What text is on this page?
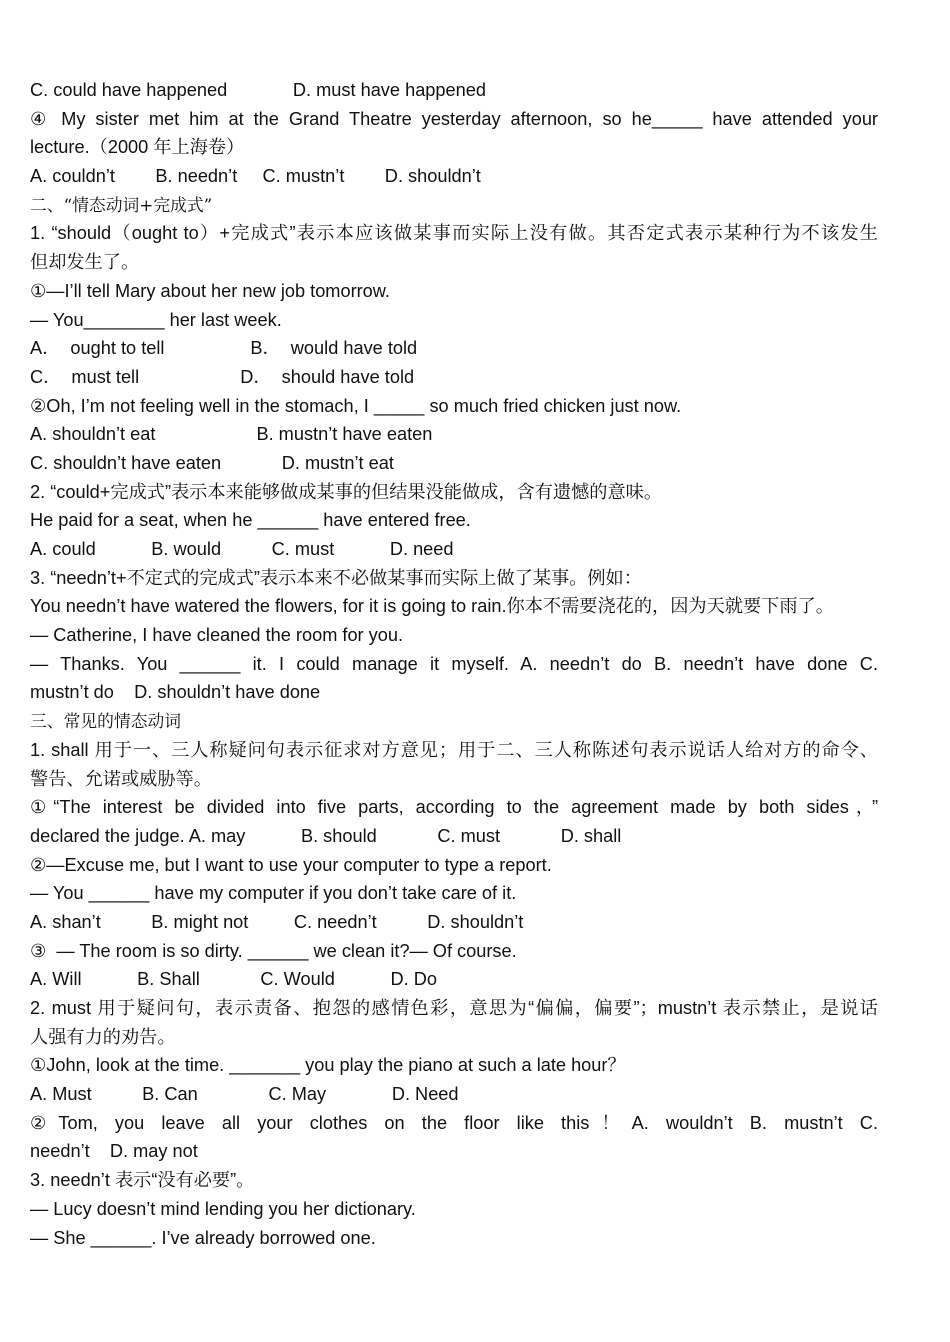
C. could have happened             D. must have happened
④ My sister met him at the Grand Theatre yesterday afternoon, so he_____ have attended your
lecture.（2000 年上海卷）
A. couldn’t        B. needn’t     C. mustn’t        D. shouldn’t
二、“情态动词+完成式”
1. “should（ought to）+完成式”表示本应该做某事而实际上没有做。其否定式表示某种行为不该发生
但却发生了。
①—I’ll tell Mary about her new job tomorrow.
— You________ her last week.
A．  ought to tell                 B．  would have told
C．  must tell                    D．  should have told
②Oh, I’m not feeling well in the stomach, I _____ so much fried chicken just now.
A. shouldn’t eat                    B. mustn’t have eaten
C. shouldn’t have eaten            D. mustn’t eat
2. “could+完成式”表示本来能够做成某事的但结果没能做成，含有遗憾的意味。
He paid for a seat, when he ______ have entered free.
A. could           B. would          C. must           D. need
3. “needn’t+不定式的完成式”表示本来不必做某事而实际上做了某事。例如：
You needn’t have watered the flowers, for it is going to rain.你本不需要浇花的，因为天就要下雨了。
— Catherine, I have cleaned the room for you.
— Thanks. You ______ it. I could manage it myself. A. needn’t do B. needn’t have done C.
mustn’t do    D. shouldn’t have done
三、常见的情态动词
1. shall 用于一、三人称疑问句表示征求对方意见；用于二、三人称陈述句表示说话人给对方的命令、
警告、允诺或威胁等。
①“The interest be divided into five parts, according to the agreement made by both sides，”
declared the judge. A. may           B. should            C. must            D. shall
②—Excuse me, but I want to use your computer to type a report.
— You ______ have my computer if you don’t take care of it.
A. shan’t          B. might not         C. needn’t          D. shouldn’t
③  — The room is so dirty. ______ we clean it?— Of course.
A. Will           B. Shall            C. Would           D. Do
2. must 用于疑问句，表示责备、抱怨的感情色彩，意思为“偏偏，偏要”；mustn’t 表示禁止，是说话
人强有力的劝告。
①John, look at the time. _______ you play the piano at such a late hour？
A. Must          B. Can              C. May             D. Need
②Tom, you leave all your clothes on the floor like this！A. wouldn’t B. mustn’t C.
needn’t    D. may not
3. needn’t 表示“没有必要”。
— Lucy doesn’t mind lending you her dictionary.
— She ______. I’ve already borrowed one.
